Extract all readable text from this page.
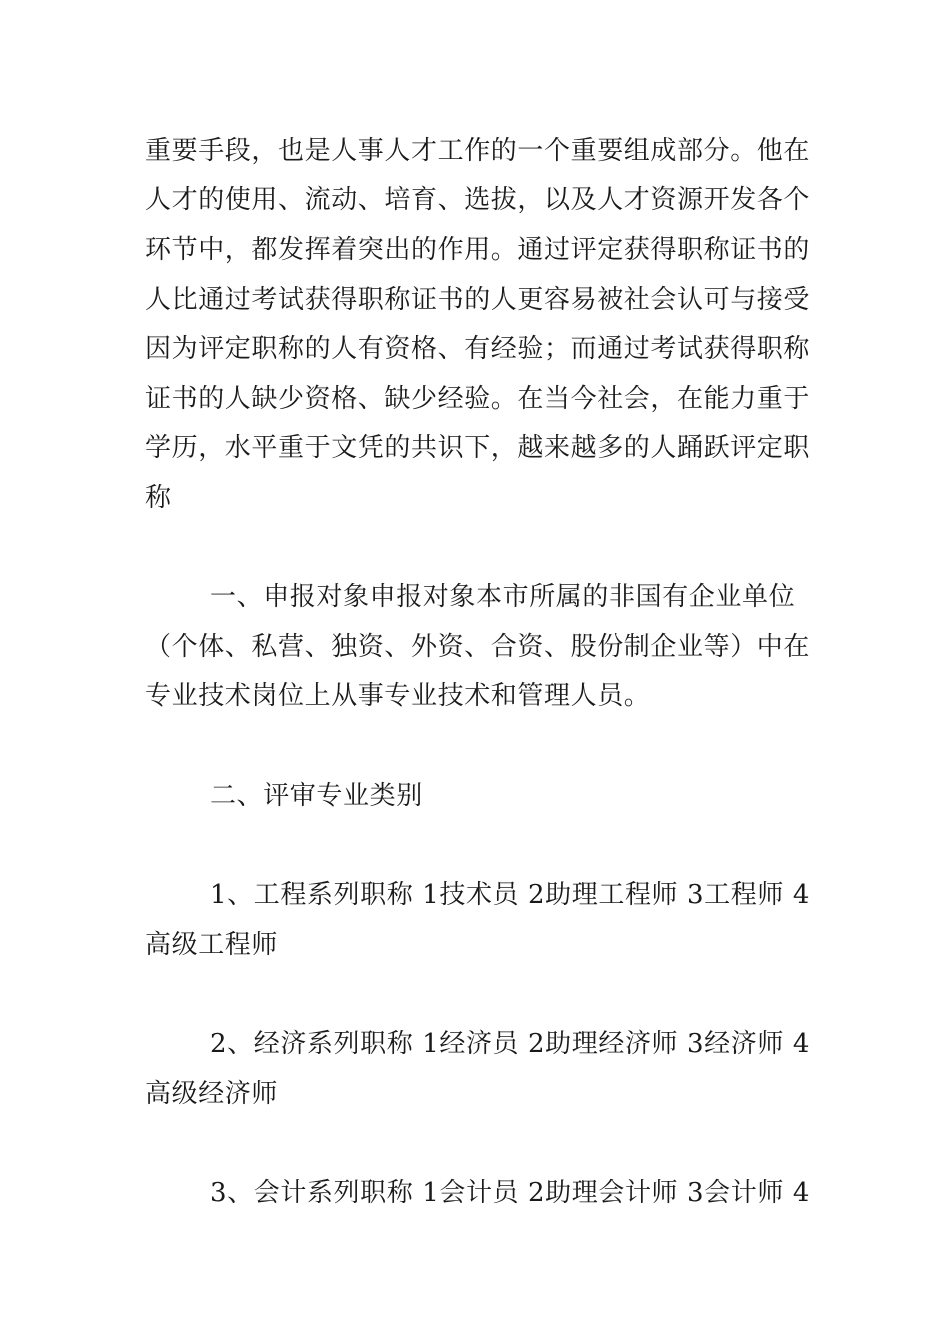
重要手段，也是人事人才工作的一个重要组成部分。他在
人才的使用、流动、培育、选拔，以及人才资源开发各个
环节中，都发挥着突出的作用。通过评定获得职称证书的
人比通过考试获得职称证书的人更容易被社会认可与接受
因为评定职称的人有资格、有经验；而通过考试获得职称
证书的人缺少资格、缺少经验。在当今社会，在能力重于
学历，水平重于文凭的共识下，越来越多的人踊跃评定职
称
一、申报对象申报对象本市所属的非国有企业单位
（个体、私营、独资、外资、合资、股份制企业等）中在
专业技术岗位上从事专业技术和管理人员。
二、评审专业类别
1、工程系列职称 1技术员 2助理工程师 3工程师 4
高级工程师
2、经济系列职称 1经济员 2助理经济师 3经济师 4
高级经济师
3、会计系列职称 1会计员 2助理会计师 3会计师 4
